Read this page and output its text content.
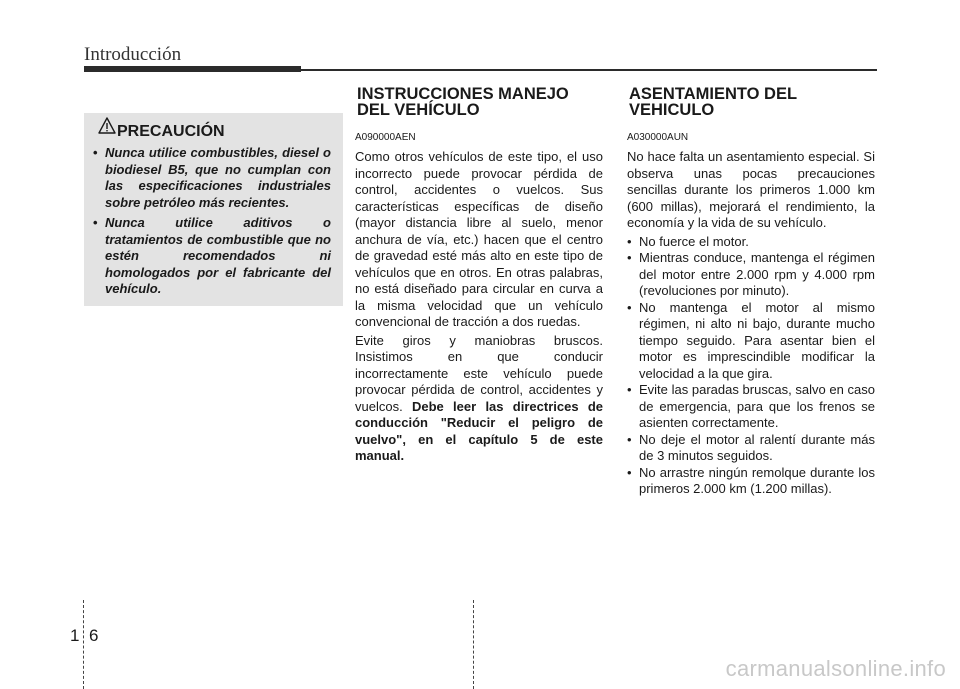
Introducción
PRECAUCIÓN
• Nunca utilice combustibles, diesel o biodiesel B5, que no cumplan con las especificaciones industriales sobre petróleo más recientes.
• Nunca utilice aditivos o tratamientos de combustible que no estén recomendados ni homologados por el fabricante del vehículo.
INSTRUCCIONES MANEJO DEL VEHÍCULO

A090000AEN

Como otros vehículos de este tipo, el uso incorrecto puede provocar pérdida de control, accidentes o vuelcos. Sus características específicas de diseño (mayor distancia libre al suelo, menor anchura de vía, etc.) hacen que el centro de gravedad esté más alto en este tipo de vehículos que en otros. En otras palabras, no está diseñado para circular en curva a la misma velocidad que un vehículo convencional de tracción a dos ruedas.

Evite giros y maniobras bruscos. Insistimos en que conducir incorrectamente este vehículo puede provocar pérdida de control, accidentes y vuelcos. Debe leer las directrices de conducción "Reducir el peligro de vuelvo", en el capítulo 5 de este manual.

ASENTAMIENTO DEL VEHICULO

A030000AUN

No hace falta un asentamiento especial. Si observa unas pocas precauciones sencillas durante los primeros 1.000 km (600 millas), mejorará el rendimiento, la economía y la vida de su vehículo.

• No fuerce el motor.
• Mientras conduce, mantenga el régimen del motor entre 2.000 rpm y 4.000 rpm (revoluciones por minuto).
• No mantenga el motor al mismo régimen, ni alto ni bajo, durante mucho tiempo seguido. Para asentar bien el motor es imprescindible modificar la velocidad a la que gira.
• Evite las paradas bruscas, salvo en caso de emergencia, para que los frenos se asienten correctamente.
• No deje el motor al ralentí durante más de 3 minutos seguidos.
• No arrastre ningún remolque durante los primeros 2.000 km (1.200 millas).
1 6
carmanualsonline.info
